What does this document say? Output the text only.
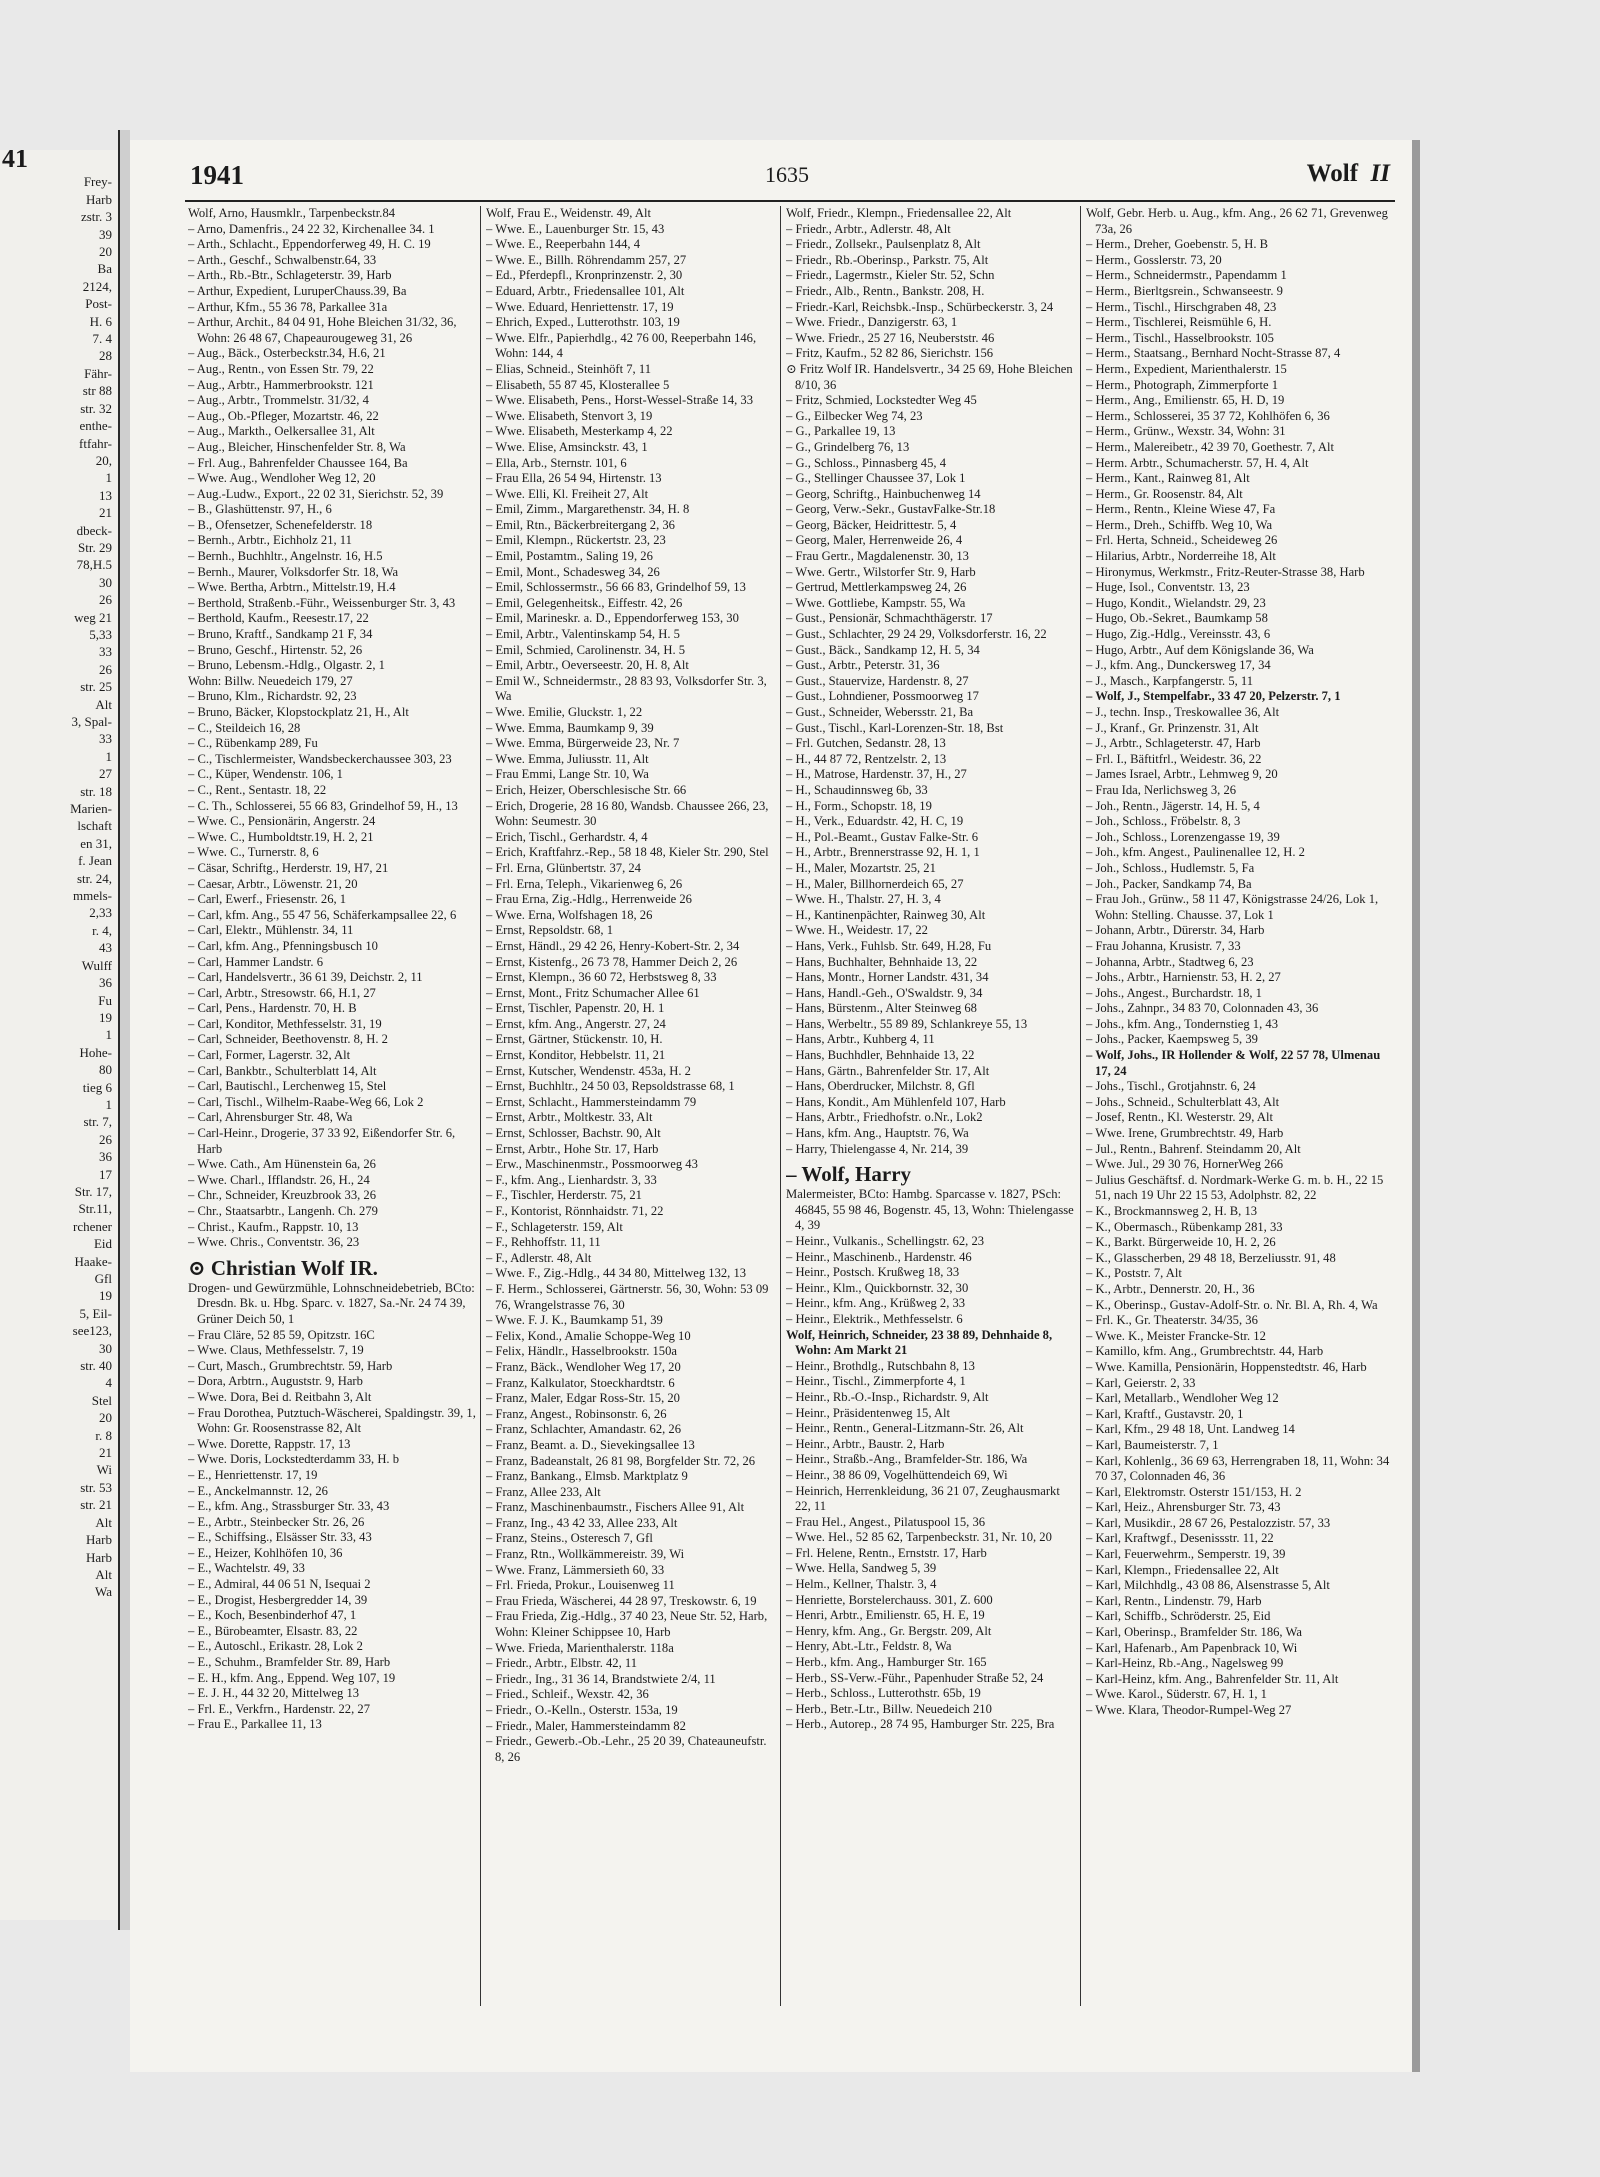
41
Frey-
Harb
zstr. 3
39
20
Ba
2124,
Post-
H. 6
7. 4
28
Fähr-
str 88
str. 32
enthe-
ftfahr-
20,
1
13
21
dbeck-
Str. 29
78,H.5
30
26
weg 21
5,33
33
26
str. 25
Alt
3, Spal-
33
1
27
str. 18
Marien-
lschaft
en 31,
f. Jean
str. 24,
mmels-
2,33
r. 4,
43
Wulff
36
Fu
19
1
Hohe-
80
tieg 6
1
str. 7,
26
36
17
Str. 17,
Str.11,
rchener
Eid
Haake-
Gfl
19
5, Eil-
see123,
30
str. 40
4
Stel
20
r. 8
21
Wi
str. 53
str. 21
Alt
Harb
Harb
Alt
Wa
1941	1635	Wolf II
Wolf, Arno, Hausmklr., Tarpenbeckstr.84
– Arno, Damenfris., 24 22 32, Kirchenallee 34. 1
– Arth., Schlacht., Eppendorferweg 49, H. C. 19
– Arth., Geschf., Schwalbenstr.64, 33
– Arth., Rb.-Btr., Schlageterstr. 39, Harb
– Arthur, Expedient, LuruperChauss.39, Ba
– Arthur, Kfm., 55 36 78, Parkallee 31a
– Arthur, Archit., 84 04 91, Hohe Bleichen 31/32, 36, Wohn: 26 48 67, Chapeaurougeweg 31, 26
– Aug., Bäck., Osterbeckstr.34, H.6, 21
– Aug., Rentn., von Essen Str. 79, 22
– Aug., Arbtr., Hammerbrookstr. 121
– Aug., Arbtr., Trommelstr. 31/32, 4
– Aug., Ob.-Pfleger, Mozartstr. 46, 22
– Aug., Markth., Oelkersallee 31, Alt
– Aug., Bleicher, Hinschenfelder Str. 8, Wa
– Frl. Aug., Bahrenfelder Chaussee 164, Ba
– Wwe. Aug., Wendloher Weg 12, 20
– Aug.-Ludw., Export., 22 02 31, Sierichstr. 52, 39
– B., Glashüttenstr. 97, H., 6
– B., Ofensetzer, Schenefelderstr. 18
– Bernh., Arbtr., Eichholz 21, 11
– Bernh., Buchhltr., Angelnstr. 16, H.5
– Bernh., Maurer, Volksdorfer Str. 18, Wa
– Wwe. Bertha, Arbtrn., Mittelstr.19, H.4
– Berthold, Straßenb.-Führ., Weissenburger Str. 3, 43
– Berthold, Kaufm., Reesestr.17, 22
– Bruno, Kraftf., Sandkamp 21 F, 34
– Bruno, Geschf., Hirtenstr. 52, 26
– Bruno, Lebensm.-Hdlg., Olgastr. 2, 1
Wohn: Billw. Neuedeich 179, 27
– Bruno, Klm., Richardstr. 92, 23
– Bruno, Bäcker, Klopstockplatz 21, H., Alt
– C., Steildeich 16, 28
– C., Rübenkamp 289, Fu
– C., Tischlermeister, Wandsbeckerchaussee 303, 23
– C., Küper, Wendenstr. 106, 1
– C., Rent., Sentastr. 18, 22
– C. Th., Schlosserei, 55 66 83, Grindelhof 59, H., 13
– Wwe. C., Pensionärin, Angerstr. 24
– Wwe. C., Humboldtstr.19, H. 2, 21
– Wwe. C., Turnerstr. 8, 6
– Cäsar, Schriftg., Herderstr. 19, H7, 21
– Caesar, Arbtr., Löwenstr. 21, 20
– Carl, Ewerf., Friesenstr. 26, 1
– Carl, kfm. Ang., 55 47 56, Schäferkampsallee 22, 6
– Carl, Elektr., Mühlenstr. 34, 11
– Carl, kfm. Ang., Pfenningsbusch 10
– Carl, Hammer Landstr. 6
– Carl, Handelsvertr., 36 61 39, Deichstr. 2, 11
– Carl, Arbtr., Stresowstr. 66, H.1, 27
– Carl, Pens., Hardenstr. 70, H. B
– Carl, Konditor, Methfesselstr. 31, 19
– Carl, Schneider, Beethovenstr. 8, H. 2
– Carl, Former, Lagerstr. 32, Alt
– Carl, Bankbtr., Schulterblatt 14, Alt
– Carl, Bautischl., Lerchenweg 15, Stel
– Carl, Tischl., Wilhelm-Raabe-Weg 66, Lok 2
– Carl, Ahrensburger Str. 48, Wa
– Carl-Heinr., Drogerie, 37 33 92, Eißendorfer Str. 6, Harb
– Wwe. Cath., Am Hünenstein 6a, 26
– Wwe. Charl., Ifflandstr. 26, H., 24
– Chr., Schneider, Kreuzbrook 33, 26
– Chr., Staatsarbtr., Langenh. Ch. 279
– Christ., Kaufm., Rappstr. 10, 13
– Wwe. Chris., Conventstr. 36, 23
⊙ Christian Wolf IR.
Drogen- und Gewürzmühle, Lohnschneidebetrieb, BCto: Dresdn. Bk. u. Hbg. Sparc. v. 1827, Sa.-Nr. 24 74 39, Grüner Deich 50, 1
– Frau Cläre, 52 85 59, Opitzstr. 16C
– Wwe. Claus, Methfesselstr. 7, 19
– Curt, Masch., Grumbrechtstr. 59, Harb
– Dora, Arbtrn., Auguststr. 9, Harb
– Wwe. Dora, Bei d. Reitbahn 3, Alt
– Frau Dorothea, Putztuch-Wäscherei, Spaldingstr. 39, 1, Wohn: Gr. Roosenstrasse 82, Alt
– Wwe. Dorette, Rappstr. 17, 13
– Wwe. Doris, Lockstedterdamm 33, H. b
– E., Henriettenstr. 17, 19
– E., Anckelmannstr. 12, 26
– E., kfm. Ang., Strassburger Str. 33, 43
– E., Arbtr., Steinbecker Str. 26, 26
– E., Schiffsing., Elsässer Str. 33, 43
– E., Heizer, Kohlhöfen 10, 36
– E., Wachtelstr. 49, 33
– E., Admiral, 44 06 51 N, Isequai 2
– E., Drogist, Hesbergredder 14, 39
– E., Koch, Besenbinderhof 47, 1
– E., Bürobeamter, Elsastr. 83, 22
– E., Autoschl., Erikastr. 28, Lok 2
– E., Schuhm., Bramfelder Str. 89, Harb
– E. H., kfm. Ang., Eppend. Weg 107, 19
– E. J. H., 44 32 20, Mittelweg 13
– Frl. E., Verkfrn., Hardenstr. 22, 27
– Frau E., Parkallee 11, 13
Wolf, Frau E., Weidenstr. 49, Alt
– Wwe. E., Lauenburger Str. 15, 43
– Wwe. E., Reeperbahn 144, 4
– Wwe. E., Billh. Röhrendamm 257, 27
– Ed., Pferdepfl., Kronprinzenstr. 2, 30
– Eduard, Arbtr., Friedensallee 101, Alt
– Wwe. Eduard, Henriettenstr. 17, 19
– Ehrich, Exped., Lutterothstr. 103, 19
– Wwe. Elfr., Papierhdlg., 42 76 00, Reeperbahn 146, Wohn: 144, 4
– Elias, Schneid., Steinhöft 7, 11
– Elisabeth, 55 87 45, Klosterallee 5
– Wwe. Elisabeth, Pens., Horst-Wessel-Straße 14, 33
– Wwe. Elisabeth, Stenvort 3, 19
– Wwe. Elisabeth, Mesterkamp 4, 22
– Wwe. Elise, Amsinckstr. 43, 1
– Ella, Arb., Sternstr. 101, 6
– Frau Ella, 26 54 94, Hirtenstr. 13
– Wwe. Elli, Kl. Freiheit 27, Alt
– Emil, Zimm., Margarethenstr. 34, H. 8
– Emil, Rtn., Bäckerbreitergang 2, 36
– Emil, Klempn., Rückertstr. 23, 23
– Emil, Postamtm., Saling 19, 26
– Emil, Mont., Schadesweg 34, 26
– Emil, Schlossermstr., 56 66 83, Grindelhof 59, 13
– Emil, Gelegenheitsk., Eiffestr. 42, 26
– Emil, Marineskr. a. D., Eppendorferweg 153, 30
– Emil, Arbtr., Valentinskamp 54, H. 5
– Emil, Schmied, Carolinenstr. 34, H. 5
– Emil, Arbtr., Oeverseestr. 20, H. 8, Alt
– Emil W., Schneidermstr., 28 83 93, Volksdorfer Str. 3, Wa
– Wwe. Emilie, Gluckstr. 1, 22
– Wwe. Emma, Baumkamp 9, 39
– Wwe. Emma, Bürgerweide 23, Nr. 7
– Wwe. Emma, Juliusstr. 11, Alt
– Frau Emmi, Lange Str. 10, Wa
– Erich, Heizer, Oberschlesische Str. 66
– Erich, Drogerie, 28 16 80, Wandsb. Chaussee 266, 23, Wohn: Seumestr. 30
– Erich, Tischl., Gerhardstr. 4, 4
– Erich, Kraftfahrz.-Rep., 58 18 48, Kieler Str. 290, Stel
– Frl. Erna, Glünbertstr. 37, 24
– Frl. Erna, Teleph., Vikarienweg 6, 26
– Frau Erna, Zig.-Hdlg., Herrenweide 26
– Wwe. Erna, Wolfshagen 18, 26
– Ernst, Repsoldstr. 68, 1
– Ernst, Händl., 29 42 26, Henry-Kobert-Str. 2, 34
– Ernst, Kistenfg., 26 73 78, Hammer Deich 2, 26
– Ernst, Klempn., 36 60 72, Herbstsweg 8, 33
– Ernst, Mont., Fritz Schumacher Allee 61
– Ernst, Tischler, Papenstr. 20, H. 1
– Ernst, kfm. Ang., Angerstr. 27, 24
– Ernst, Gärtner, Stückenstr. 10, H.
– Ernst, Konditor, Hebbelstr. 11, 21
– Ernst, Kutscher, Wendenstr. 453a, H. 2
– Ernst, Buchhltr., 24 50 03, Repsoldstrasse 68, 1
– Ernst, Schlacht., Hammersteindamm 79
– Ernst, Arbtr., Moltkestr. 33, Alt
– Ernst, Schlosser, Bachstr. 90, Alt
– Ernst, Arbtr., Hohe Str. 17, Harb
– Erw., Maschinenmstr., Possmoorweg 43
– F., kfm. Ang., Lienhardstr. 3, 33
– F., Tischler, Herderstr. 75, 21
– F., Kontorist, Rönnhaidstr. 71, 22
– F., Schlageterstr. 159, Alt
– F., Rehhoffstr. 11, 11
– F., Adlerstr. 48, Alt
– Wwe. F., Zig.-Hdlg., 44 34 80, Mittelweg 132, 13
– F. Herm., Schlosserei, Gärtnerstr. 56, 30, Wohn: 53 09 76, Wrangelstrasse 76, 30
– Wwe. F. J. K., Baumkamp 51, 39
– Felix, Kond., Amalie Schoppe-Weg 10
– Felix, Händlr., Hasselbrookstr. 150a
– Franz, Bäck., Wendloher Weg 17, 20
– Franz, Kalkulator, Stoeckhardtstr. 6
– Franz, Maler, Edgar Ross-Str. 15, 20
– Franz, Angest., Robinsonstr. 6, 26
– Franz, Schlachter, Amandastr. 62, 26
– Franz, Beamt. a. D., Sievekingsallee 13
– Franz, Badeanstalt, 26 81 98, Borgfelder Str. 72, 26
– Franz, Bankang., Elmsb. Marktplatz 9
– Franz, Allee 233, Alt
– Franz, Maschinenbaumstr., Fischers Allee 91, Alt
– Franz, Ing., 43 42 33, Allee 233, Alt
– Franz, Steins., Osteresch 7, Gfl
– Franz, Rtn., Wollkämmereistr. 39, Wi
– Wwe. Franz, Lämmersieth 60, 33
– Frl. Frieda, Prokur., Louisenweg 11
– Frau Frieda, Wäscherei, 44 28 97, Treskowstr. 6, 19
– Frau Frieda, Zig.-Hdlg., 37 40 23, Neue Str. 52, Harb, Wohn: Kleiner Schippsee 10, Harb
– Wwe. Frieda, Marienthalerstr. 118a
– Friedr., Arbtr., Elbstr. 42, 11
– Friedr., Ing., 31 36 14, Brandstwiete 2/4, 11
– Fried., Schleif., Wexstr. 42, 36
– Friedr., O.-Kelln., Osterstr. 153a, 19
– Friedr., Maler, Hammersteindamm 82
– Friedr., Gewerb.-Ob.-Lehr., 25 20 39, Chateauneufstr. 8, 26
Wolf, Friedr., Klempn., Friedensallee 22, Alt
– Friedr., Arbtr., Adlerstr. 48, Alt
– Friedr., Zollsekr., Paulsenplatz 8, Alt
– Friedr., Rb.-Oberinsp., Parkstr. 75, Alt
– Friedr., Lagermstr., Kieler Str. 52, Schn
– Friedr., Alb., Rentn., Bankstr. 208, H.
– Friedr.-Karl, Reichsbk.-Insp., Schürbeckerstr. 3, 24
– Wwe. Friedr., Danzigerstr. 63, 1
– Wwe. Friedr., 25 27 16, Neuberststr. 46
– Fritz, Kaufm., 52 82 86, Sierichstr. 156
⊙ Fritz Wolf IR. Handelsvertr., 34 25 69, Hohe Bleichen 8/10, 36
– Fritz, Schmied, Lockstedter Weg 45
– G., Eilbecker Weg 74, 23
– G., Parkallee 19, 13
– G., Grindelberg 76, 13
– G., Schloss., Pinnasberg 45, 4
– G., Stellinger Chaussee 37, Lok 1
– Georg, Schriftg., Hainbuchenweg 14
– Georg, Verw.-Sekr., GustavFalke-Str.18
– Georg, Bäcker, Heidrittestr. 5, 4
– Georg, Maler, Herrenweide 26, 4
– Frau Gertr., Magdalenenstr. 30, 13
– Wwe. Gertr., Wilstorfer Str. 9, Harb
– Gertrud, Mettlerkampsweg 24, 26
– Wwe. Gottliebe, Kampstr. 55, Wa
– Gust., Pensionär, Schmachthägerstr. 17
– Gust., Schlachter, 29 24 29, Volksdorferstr. 16, 22
– Gust., Bäck., Sandkamp 12, H. 5, 34
– Gust., Arbtr., Peterstr. 31, 36
– Gust., Stauervize, Hardenstr. 8, 27
– Gust., Lohndiener, Possmoorweg 17
– Gust., Schneider, Webersstr. 21, Ba
– Gust., Tischl., Karl-Lorenzen-Str. 18, Bst
– Frl. Gutchen, Sedanstr. 28, 13
– H., 44 87 72, Rentzelstr. 2, 13
– H., Matrose, Hardenstr. 37, H., 27
– H., Schaudinnsweg 6b, 33
– H., Form., Schopstr. 18, 19
– H., Verk., Eduardstr. 42, H. C, 19
– H., Pol.-Beamt., Gustav Falke-Str. 6
– H., Arbtr., Brennerstrasse 92, H. 1, 1
– H., Maler, Mozartstr. 25, 21
– H., Maler, Billhornerdeich 65, 27
– Wwe. H., Thalstr. 27, H. 3, 4
– H., Kantinenpächter, Rainweg 30, Alt
– Wwe. H., Weidestr. 17, 22
– Hans, Verk., Fuhlsb. Str. 649, H.28, Fu
– Hans, Buchhalter, Behnhaide 13, 22
– Hans, Montr., Horner Landstr. 431, 34
– Hans, Handl.-Geh., O'Swaldstr. 9, 34
– Hans, Bürstenm., Alter Steinweg 68
– Hans, Werbeltr., 55 89 89, Schlankreye 55, 13
– Hans, Arbtr., Kuhberg 4, 11
– Hans, Buchhdler, Behnhaide 13, 22
– Hans, Gärtn., Bahrenfelder Str. 17, Alt
– Hans, Oberdrucker, Milchstr. 8, Gfl
– Hans, Kondit., Am Mühlenfeld 107, Harb
– Hans, Arbtr., Friedhofstr. o.Nr., Lok2
– Hans, kfm. Ang., Hauptstr. 76, Wa
– Harry, Thielengasse 4, Nr. 214, 39
– Wolf, Harry
Malermeister, BCto: Hambg. Sparcasse v. 1827, PSch: 46845, 55 98 46, Bogenstr. 45, 13, Wohn: Thielengasse 4, 39
– Heinr., Vulkanis., Schellingstr. 62, 23
– Heinr., Maschinenb., Hardenstr. 46
– Heinr., Postsch. Krußweg 18, 33
– Heinr., Klm., Quickbornstr. 32, 30
– Heinr., kfm. Ang., Krüßweg 2, 33
– Heinr., Elektrik., Methfesselstr. 6
Wolf, Heinrich, Schneider, 23 38 89, Dehnhaide 8, Wohn: Am Markt 21
– Heinr., Brothdlg., Rutschbahn 8, 13
– Heinr., Tischl., Zimmerpforte 4, 1
– Heinr., Rb.-O.-Insp., Richardstr. 9, Alt
– Heinr., Präsidentenweg 15, Alt
– Heinr., Rentn., General-Litzmann-Str. 26, Alt
– Heinr., Arbtr., Baustr. 2, Harb
– Heinr., Straßb.-Ang., Bramfelder-Str. 186, Wa
– Heinr., 38 86 09, Vogelhüttendeich 69, Wi
– Heinrich, Herrenkleidung, 36 21 07, Zeughausmarkt 22, 11
– Frau Hel., Angest., Pilatuspool 15, 36
– Wwe. Hel., 52 85 62, Tarpenbeckstr. 31, Nr. 10, 20
– Frl. Helene, Rentn., Ernststr. 17, Harb
– Wwe. Hella, Sandweg 5, 39
– Helm., Kellner, Thalstr. 3, 4
– Henriette, Borstelerchauss. 301, Z. 600
– Henri, Arbtr., Emilienstr. 65, H. E, 19
– Henry, kfm. Ang., Gr. Bergstr. 209, Alt
– Henry, Abt.-Ltr., Feldstr. 8, Wa
– Herb., kfm. Ang., Hamburger Str. 165
– Herb., SS-Verw.-Führ., Papenhuder Straße 52, 24
– Herb., Schloss., Lutterothstr. 65b, 19
– Herb., Betr.-Ltr., Billw. Neuedeich 210
– Herb., Autorep., 28 74 95, Hamburger Str. 225, Bra
Wolf, Gebr. Herb. u. Aug., kfm. Ang., 26 62 71, Grevenweg 73a, 26
– Herm., Dreher, Goebenstr. 5, H. B
– Herm., Gosslerstr. 73, 20
– Herm., Schneidermstr., Papendamm 1
– Herm., Bierltgsrein., Schwanseestr. 9
– Herm., Tischl., Hirschgraben 48, 23
– Herm., Tischlerei, Reismühle 6, H.
– Herm., Tischl., Hasselbrookstr. 105
– Herm., Staatsang., Bernhard Nocht-Strasse 87, 4
– Herm., Expedient, Marienthalerstr. 15
– Herm., Photograph, Zimmerpforte 1
– Herm., Ang., Emilienstr. 65, H. D, 19
– Herm., Schlosserei, 35 37 72, Kohlhöfen 6, 36
– Herm., Grünw., Wexstr. 34, Wohn: 31
– Herm., Malereibetr., 42 39 70, Goethestr. 7, Alt
– Herm. Arbtr., Schumacherstr. 57, H. 4, Alt
– Herm., Kant., Rainweg 81, Alt
– Herm., Gr. Roosenstr. 84, Alt
– Herm., Rentn., Kleine Wiese 47, Fa
– Herm., Dreh., Schiffb. Weg 10, Wa
– Frl. Herta, Schneid., Scheideweg 26
– Hilarius, Arbtr., Norderreihe 18, Alt
– Hironymus, Werkmstr., Fritz-Reuter-Strasse 38, Harb
– Huge, Isol., Conventstr. 13, 23
– Hugo, Kondit., Wielandstr. 29, 23
– Hugo, Ob.-Sekret., Baumkamp 58
– Hugo, Zig.-Hdlg., Vereinsstr. 43, 6
– Hugo, Arbtr., Auf dem Königslande 36, Wa
– J., kfm. Ang., Dunckersweg 17, 34
– J., Masch., Karpfangerstr. 5, 11
– Wolf, J., Stempelfabr., 33 47 20, Pelzerstr. 7, 1
– J., techn. Insp., Treskowallee 36, Alt
– J., Kranf., Gr. Prinzenstr. 31, Alt
– J., Arbtr., Schlageterstr. 47, Harb
– Frl. I., Bäftitfrl., Weidestr. 36, 22
– James Israel, Arbtr., Lehmweg 9, 20
– Frau Ida, Nerlichsweg 3, 26
– Joh., Rentn., Jägerstr. 14, H. 5, 4
– Joh., Schloss., Fröbelstr. 8, 3
– Joh., Schloss., Lorenzengasse 19, 39
– Joh., kfm. Angest., Paulinenallee 12, H. 2
– Joh., Schloss., Hudlemstr. 5, Fa
– Joh., Packer, Sandkamp 74, Ba
– Frau Joh., Grünw., 58 11 47, Königstrasse 24/26, Lok 1, Wohn: Stelling. Chausse. 37, Lok 1
– Johann, Arbtr., Dürerstr. 34, Harb
– Frau Johanna, Krusistr. 7, 33
– Johanna, Arbtr., Stadtweg 6, 23
– Johs., Arbtr., Harnienstr. 53, H. 2, 27
– Johs., Angest., Burchardstr. 18, 1
– Johs., Zahnpr., 34 83 70, Colonnaden 43, 36
– Johs., kfm. Ang., Tondernstieg 1, 43
– Johs., Packer, Kaempsweg 5, 39
– Wolf, Johs., IR Hollender & Wolf, 22 57 78, Ulmenau 17, 24
– Johs., Tischl., Grotjahnstr. 6, 24
– Johs., Schneid., Schulterblatt 43, Alt
– Josef, Rentn., Kl. Westerstr. 29, Alt
– Wwe. Irene, Grumbrechtstr. 49, Harb
– Jul., Rentn., Bahrenf. Steindamm 20, Alt
– Wwe. Jul., 29 30 76, HornerWeg 266
– Julius Geschäftsf. d. Nordmark-Werke G. m. b. H., 22 15 51, nach 19 Uhr 22 15 53, Adolphstr. 82, 22
– K., Brockmannsweg 2, H. B, 13
– K., Obermasch., Rübenkamp 281, 33
– K., Barkt. Bürgerweide 10, H. 2, 26
– K., Glasscherben, 29 48 18, Berzeliusstr. 91, 48
– K., Poststr. 7, Alt
– K., Arbtr., Dennerstr. 20, H., 36
– K., Oberinsp., Gustav-Adolf-Str. o. Nr. Bl. A, Rh. 4, Wa
– Frl. K., Gr. Theaterstr. 34/35, 36
– Wwe. K., Meister Francke-Str. 12
– Kamillo, kfm. Ang., Grumbrechtstr. 44, Harb
– Wwe. Kamilla, Pensionärin, Hoppenstedtstr. 46, Harb
– Karl, Geierstr. 2, 33
– Karl, Metallarb., Wendloher Weg 12
– Karl, Kraftf., Gustavstr. 20, 1
– Karl, Kfm., 29 48 18, Unt. Landweg 14
– Karl, Baumeisterstr. 7, 1
– Karl, Kohlenlg., 36 69 63, Herrengraben 18, 11, Wohn: 34 70 37, Colonnaden 46, 36
– Karl, Elektromstr. Osterstr 151/153, H. 2
– Karl, Heiz., Ahrensburger Str. 73, 43
– Karl, Musikdir., 28 67 26, Pestalozzistr. 57, 33
– Karl, Kraftwgf., Desenissstr. 11, 22
– Karl, Feuerwehrm., Semperstr. 19, 39
– Karl, Klempn., Friedensallee 22, Alt
– Karl, Milchhdlg., 43 08 86, Alsenstrasse 5, Alt
– Karl, Rentn., Lindenstr. 79, Harb
– Karl, Schiffb., Schröderstr. 25, Eid
– Karl, Oberinsp., Bramfelder Str. 186, Wa
– Karl, Hafenarb., Am Papenbrack 10, Wi
– Karl-Heinz, Rb.-Ang., Nagelsweg 99
– Karl-Heinz, kfm. Ang., Bahrenfelder Str. 11, Alt
– Wwe. Karol., Süderstr. 67, H. 1, 1
– Wwe. Klara, Theodor-Rumpel-Weg 27
